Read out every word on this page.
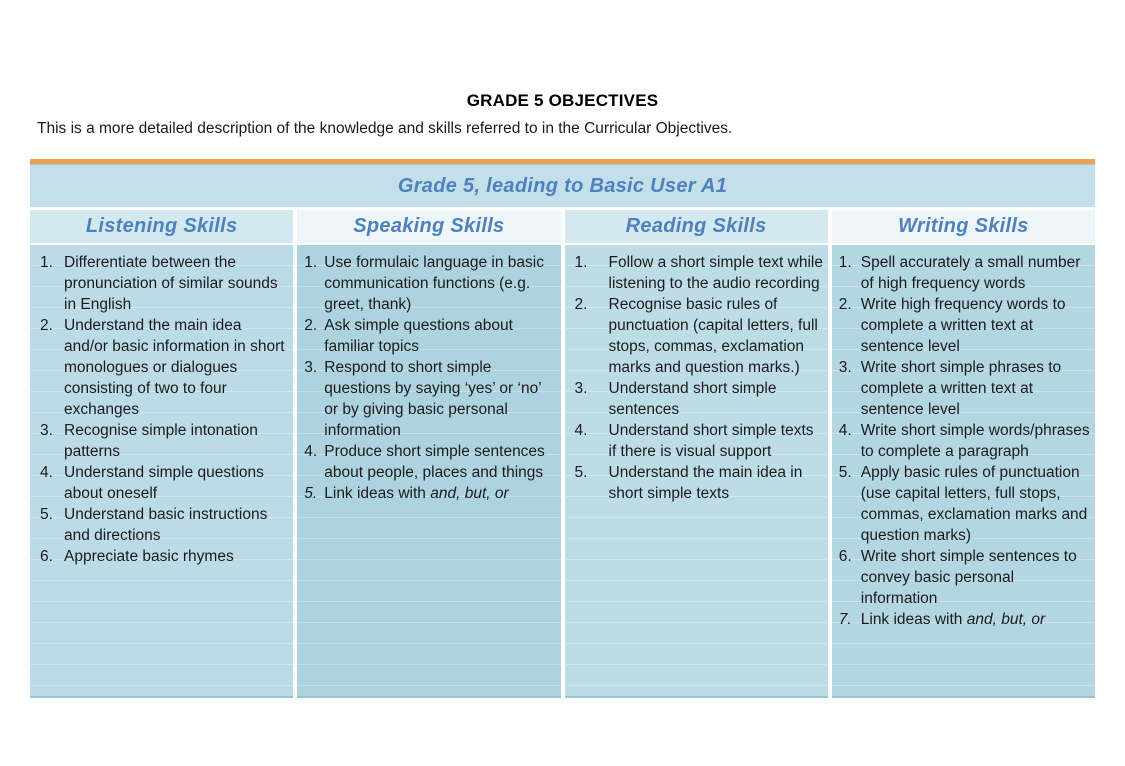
GRADE 5 OBJECTIVES
This is a more detailed description of the knowledge and skills referred to in the Curricular Objectives.
Grade 5, leading to Basic User A1
Listening Skills	Speaking Skills	Reading Skills	Writing Skills
1. Differentiate between the pronunciation of similar sounds in English
2. Understand the main idea and/or basic information in short monologues or dialogues consisting of two to four exchanges
3. Recognise simple intonation patterns
4. Understand simple questions about oneself
5. Understand basic instructions and directions
6. Appreciate basic rhymes
1. Use formulaic language in basic communication functions (e.g. greet, thank)
2. Ask simple questions about familiar topics
3. Respond to short simple questions by saying ‘yes’ or ‘no’ or by giving basic personal information
4. Produce short simple sentences about people, places and things
5. Link ideas with and, but, or
1.	Follow a short simple text while listening to the audio recording
2.	Recognise basic rules of punctuation (capital letters, full stops, commas, exclamation marks and question marks.)
3.	Understand short simple sentences
4.	Understand short simple texts if there is visual support
5.	Understand the main idea in short simple texts
1. Spell accurately a small number of high frequency words
2. Write high frequency words to complete a written text at sentence level
3. Write short simple phrases to complete a written text at sentence level
4. Write short simple words/phrases to complete a paragraph
5. Apply basic rules of punctuation (use capital letters, full stops, commas, exclamation marks and question marks)
6. Write short simple sentences to convey basic personal information
7. Link ideas with and, but, or
